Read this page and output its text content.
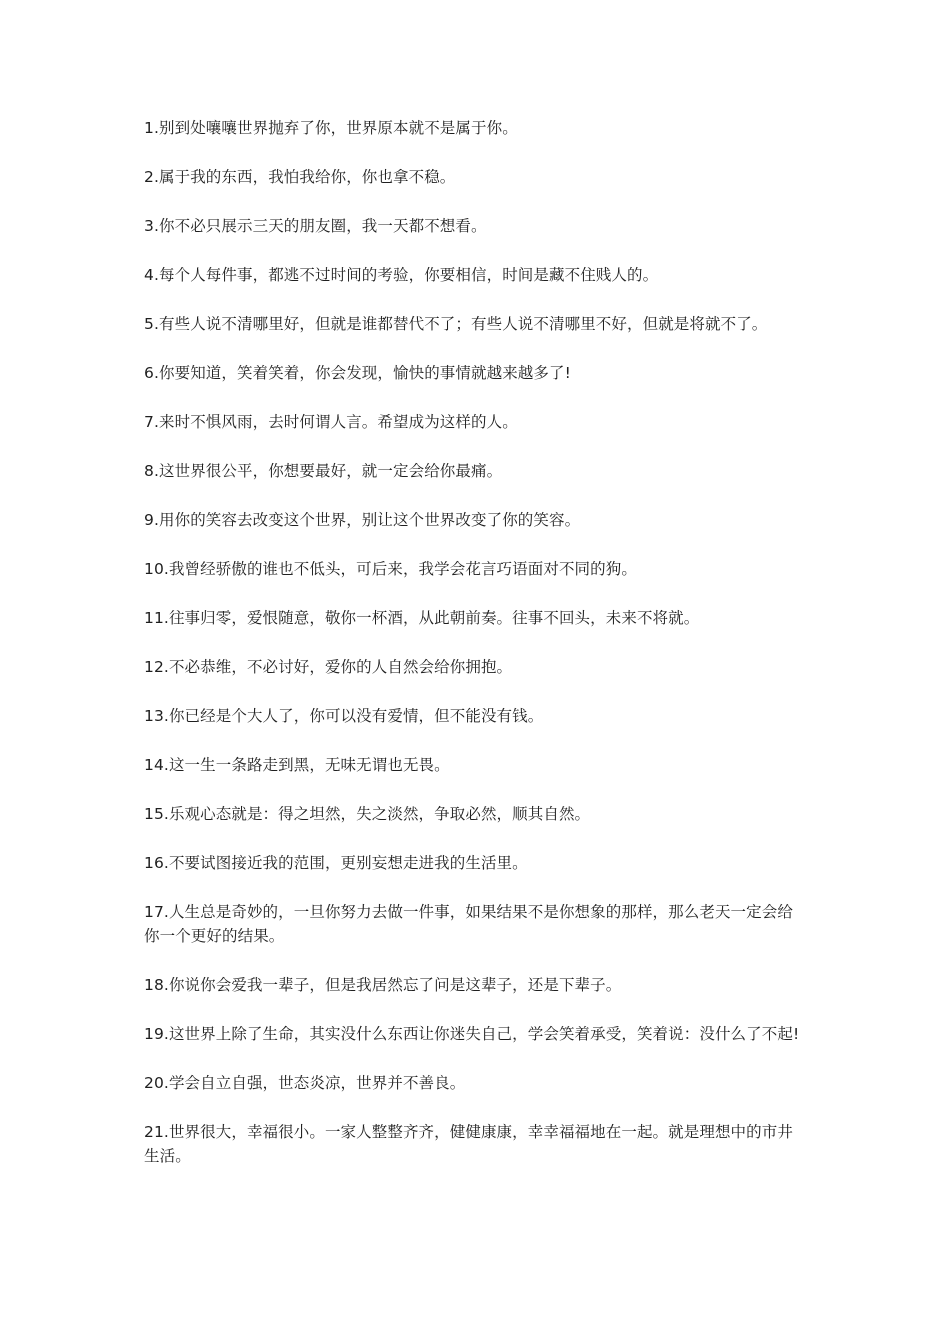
1.别到处嚷嚷世界抛弃了你，世界原本就不是属于你。

2.属于我的东西，我怕我给你，你也拿不稳。

3.你不必只展示三天的朋友圈，我一天都不想看。

4.每个人每件事，都逃不过时间的考验，你要相信，时间是藏不住贱人的。

5.有些人说不清哪里好，但就是谁都替代不了；有些人说不清哪里不好，但就是将就不了。

6.你要知道，笑着笑着，你会发现，愉快的事情就越来越多了!

7.来时不惧风雨，去时何谓人言。希望成为这样的人。

8.这世界很公平，你想要最好，就一定会给你最痛。

9.用你的笑容去改变这个世界，别让这个世界改变了你的笑容。

10.我曾经骄傲的谁也不低头，可后来，我学会花言巧语面对不同的狗。

11.往事归零，爱恨随意，敬你一杯酒，从此朝前奏。往事不回头，未来不将就。

12.不必恭维，不必讨好，爱你的人自然会给你拥抱。

13.你已经是个大人了，你可以没有爱情，但不能没有钱。

14.这一生一条路走到黑，无味无谓也无畏。

15.乐观心态就是：得之坦然，失之淡然，争取必然，顺其自然。

16.不要试图接近我的范围，更别妄想走进我的生活里。

17.人生总是奇妙的，一旦你努力去做一件事，如果结果不是你想象的那样，那么老天一定会给你一个更好的结果。

18.你说你会爱我一辈子，但是我居然忘了问是这辈子，还是下辈子。

19.这世界上除了生命，其实没什么东西让你迷失自己，学会笑着承受，笑着说：没什么了不起!

20.学会自立自强，世态炎凉，世界并不善良。

21.世界很大，幸福很小。一家人整整齐齐，健健康康，幸幸福福地在一起。就是理想中的市井生活。
